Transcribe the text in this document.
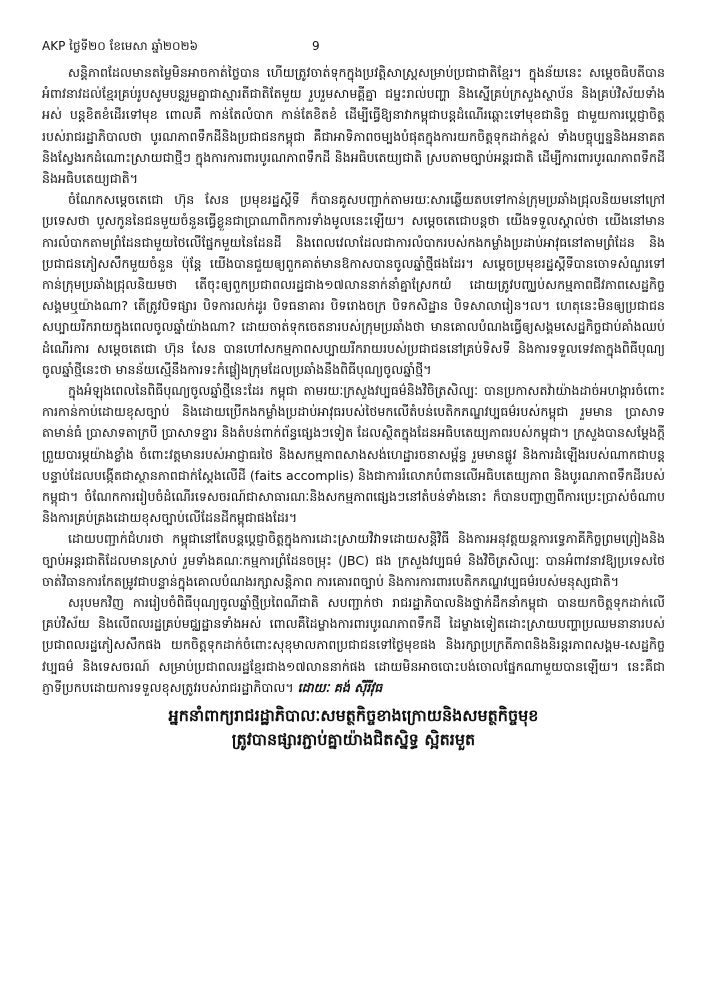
AKP ថ្ងៃទី២០ ខែមេសា ឆ្នាំ២០២៦	9

សន្តិភាពដែលមានតម្លៃមិនអាចកាត់ថ្លៃបាន ហើយត្រូវចាត់ទុកក្នុងប្រវត្តិសាស្ត្រសម្រាប់ប្រជាជាតិខ្មែរ។ ក្នុងន័យនេះ សម្តេចធិបតីបានអំពាវនាវដល់ខ្មែរគ្រប់រូបសូមបន្តរួមគ្នាជាស្មារតីជាតិតែមួយ រួបរួមសាមគ្គីគ្នា ជម្នះរាល់បញ្ហា និងស្នើគ្រប់ក្រសួងស្ថាប័ន និងគ្រប់វិស័យទាំងអស់ បន្តខិតខំដើរទៅមុខ ពោលគឺ កាន់តែលំបាក កាន់តែខិតខំ ដើម្បីធ្វើឱ្យនាវាកម្ពុជាបន្តដំណើរឆ្ពោះទៅមុខជានិច្ច ជាមួយការប្តេជ្ញាចិត្តរបស់រាជរដ្ឋាភិបាលថា បូរណភាពទឹកដីនិងប្រជាជនកម្ពុជា គឺជាអាទិភាពចម្បងបំផុតក្នុងការយកចិត្តទុកដាក់ខ្ពស់ ទាំងបច្ចុប្បន្ននិងអនាគត និងស្វែងរកដំណោះស្រាយជាថ្មីៗ ក្នុងការការពារបូរណភាពទឹកដី និងអធិបតេយ្យជាតិ ស្របតាមច្បាប់អន្តរជាតិ ដើម្បីការពារបូរណភាពទឹកដី និងអធិបតេយ្យជាតិ។

ចំណែកសម្តេចតេជោ ហ៊ុន សែន ប្រមុខរដ្ឋស្តីទី ក៏បានគូសបញ្ជាក់តាមរយៈសារឆ្លើយតបទៅកាន់ក្រុមប្រឆាំងជ្រុលនិយមនៅក្រៅប្រទេសថា បួសកូននៃជនមួយចំនួនធ្វើខ្លួនជាប្រាណាពិកការទាំងមូលនេះឡើយ។ សម្តេចតេជោបន្តថា យើងទទួលស្គាល់ថា យើងនៅមានការលំបាកតាមព្រំដែនជាមួយថៃលើផ្នែកមួយនៃដែនដី និងពេលវេលាដែលជាការលំបាករបស់កងកម្លាំងប្រដាប់អាវុធនៅតាមព្រំដែន និងប្រជាជនភៀសសឹកមួយចំនួន ប៉ុន្តែ យើងបានជួយឲ្យពួកគាត់មានឱកាសបានចូលឆ្នាំថ្មីផងដែរ។ សម្តេចប្រមុខរដ្ឋស្តីទីបានចោទសំណួរទៅកាន់ក្រុមប្រឆាំងជ្រុលនិយមថា តើចុះឲ្យពួកប្រជាពលរដ្ឋជាង១៧លាននាក់នាំគ្នាស្រែកយំ ដោយត្រូវបញ្ឈប់សកម្មភាពជីវភាពសេដ្ឋកិច្ចសង្គមឬយ៉ាងណា? តើត្រូវបិទផ្សារ បិទការលក់ដូរ បិទធនាគារ បិទរោងចក្រ បិទកសិដ្ឋាន បិទសាលារៀន។ល។ ហេតុនេះមិនឲ្យប្រជាជនសប្បាយរីករាយក្នុងពេលចូលឆ្នាំយ៉ាងណា? ដោយចាត់ទុកចេតនារបស់ក្រុមប្រឆាំងថា មានគោលបំណងធ្វើឲ្យសង្គមសេដ្ឋកិច្ចជាប់គាំងឈប់ដំណើរការ សម្តេចតេជោ ហ៊ុន សែន បានហៅសកម្មភាពសប្បាយរីករាយរបស់ប្រជាជននៅគ្រប់ទិសទី និងការទទួលទេវតាក្នុងពិធីបុណ្យចូលឆ្នាំថ្មីនេះថា មានន័យស្មើនឹងការទះកំផ្លៀងក្រុមដែលប្រឆាំងនឹងពិធីបុណ្យចូលឆ្នាំថ្មី។

ក្នុងអំឡុងពេលនៃពិធីបុណ្យចូលឆ្នាំថ្មីនេះដែរ កម្ពុជា តាមរយៈក្រសួងវប្បធម៌និងវិចិត្រសិល្បៈ បានប្រកាសតវ៉ាយ៉ាងដាច់អហង្ការចំពោះការកាន់កាប់ដោយខុសច្បាប់ និងដោយប្រើកងកម្លាំងប្រដាប់អាវុធរបស់ថៃមកលើតំបន់បេតិកភណ្ឌវប្បធម៌របស់កម្ពុជា រួមមាន ប្រាសាទតាមាន់ធំ ប្រាសាទតាក្របី ប្រាសាទខ្នារ និងតំបន់ពាក់ព័ន្ធផ្សេងៗទៀត ដែលស្ថិតក្នុងដែនអធិបតេយ្យភាពរបស់កម្ពុជា។ ក្រសួងបានសម្តែងក្តីព្រួយបារម្ភយ៉ាងខ្លាំង ចំពោះវត្តមានរបស់អាជ្ញាធរថៃ និងសកម្មភាពសាងសង់ហេដ្ឋារចនាសម្ព័ន្ធ រួមមានផ្លូវ និងការដំឡើងរបស់ណាកជាបន្តបន្ទាប់ដែលបង្កើតជាស្ថានភាពជាក់ស្តែងលើដី (faits accomplis) និងជាការរំលោភបំពានលើអធិបតេយ្យភាព និងបូរណភាពទឹកដីរបស់កម្ពុជា។ ចំណែកការរៀបចំដំណើរទេសចរណ៍ជាសាធារណៈនិងសកម្មភាពផ្សេងៗនៅតំបន់ទាំងនោះ ក៏បានបញ្ចាញពីការប្រេះប្រាស់ចំណាប និងការគ្រប់គ្រងដោយខុសច្បាប់លើដែនដីកម្ពុជាផងដែរ។

ដោយបញ្ជាក់ជំហរថា កម្ពុជានៅតែបន្តប្តេជ្ញាចិត្តក្នុងការដោះស្រាយវិវាទដោយសន្តិវិធី និងការអនុវត្តយន្តការទ្វេភាគីកិច្ចព្រមព្រៀងនិងច្បាប់អន្តរជាតិដែលមានស្រាប់ រួមទាំងគណៈកម្មការព្រំដែនចម្រុះ (JBC) ផង ក្រសួងវប្បធម៌ និងវិចិត្រសិល្បៈ បានអំពាវនាវឱ្យប្រទេសថៃចាត់វិធានការកែតម្រូវជាបន្ទាន់ក្នុងគោលបំណងរក្សាសន្តិភាព ការគោរពច្បាប់ និងការការពារបេតិកភណ្ឌវប្បធម៌របស់មនុស្សជាតិ។

សរុបមកវិញ ការរៀបចំពិធីបុណ្យចូលឆ្នាំថ្មីប្រពៃណីជាតិ សបញ្ជាក់ថា រាជរដ្ឋាភិបាលនិងថ្នាក់ដឹកនាំកម្ពុជា បានយកចិត្តទុកដាក់លើគ្រប់វិស័យ និងលើពលរដ្ឋគ្រប់មជ្ឈដ្ឋានទាំងអស់ ពោលគឺដៃម្ខាងការពារបូរណភាពទឹកដី ដៃម្ខាងទៀតដោះស្រាយបញ្ហាប្រឈមនានារបស់ប្រជាពលរដ្ឋភៀសសឹកផង យកចិត្តទុកដាក់ចំពោះសុខុមាលភាពប្រជាជនទៅថ្ងៃមុខផង និងរក្សាប្រក្រតីភាពនិងនិរន្តរភាពសង្គម-សេដ្ឋកិច្ច វប្បធម៌ និងទេសចរណ៍ សម្រាប់ប្រជាពលរដ្ឋខ្មែរជាង១៧លាននាក់ផង ដោយមិនអាចបោះបង់ចោលផ្នែកណាមួយបានឡើយ។ នេះគឺជាភ្ញាទីប្រកបដោយការទទួលខុសត្រូវរបស់រាជរដ្ឋាភិបាល។ ដោយៈ គង់ ស៊ីរីវុធ

អ្នកនាំពាក្យរាជរដ្ឋាភិបាលៈសមត្ថកិច្ចខាងក្រោយនិងសមត្ថកិច្ចមុខ
ត្រូវបានផ្សារភ្ជាប់គ្នាយ៉ាងជិតស្និទ្ធ ស្អិតរមួត
